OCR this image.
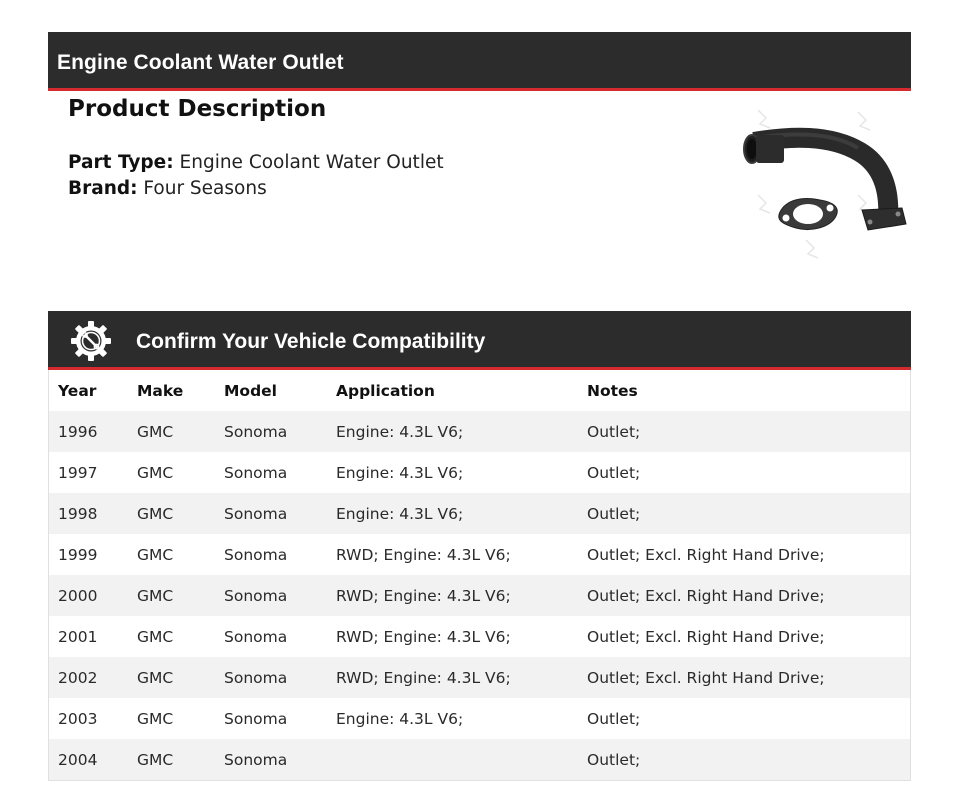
Engine Coolant Water Outlet
Product Description
Part Type: Engine Coolant Water Outlet
Brand: Four Seasons
Confirm Your Vehicle Compatibility
Year	Make	Model	Application	Notes
1996	GMC	Sonoma	Engine: 4.3L V6;	Outlet;
1997	GMC	Sonoma	Engine: 4.3L V6;	Outlet;
1998	GMC	Sonoma	Engine: 4.3L V6;	Outlet;
1999	GMC	Sonoma	RWD; Engine: 4.3L V6;	Outlet; Excl. Right Hand Drive;
2000	GMC	Sonoma	RWD; Engine: 4.3L V6;	Outlet; Excl. Right Hand Drive;
2001	GMC	Sonoma	RWD; Engine: 4.3L V6;	Outlet; Excl. Right Hand Drive;
2002	GMC	Sonoma	RWD; Engine: 4.3L V6;	Outlet; Excl. Right Hand Drive;
2003	GMC	Sonoma	Engine: 4.3L V6;	Outlet;
2004	GMC	Sonoma		Outlet;
